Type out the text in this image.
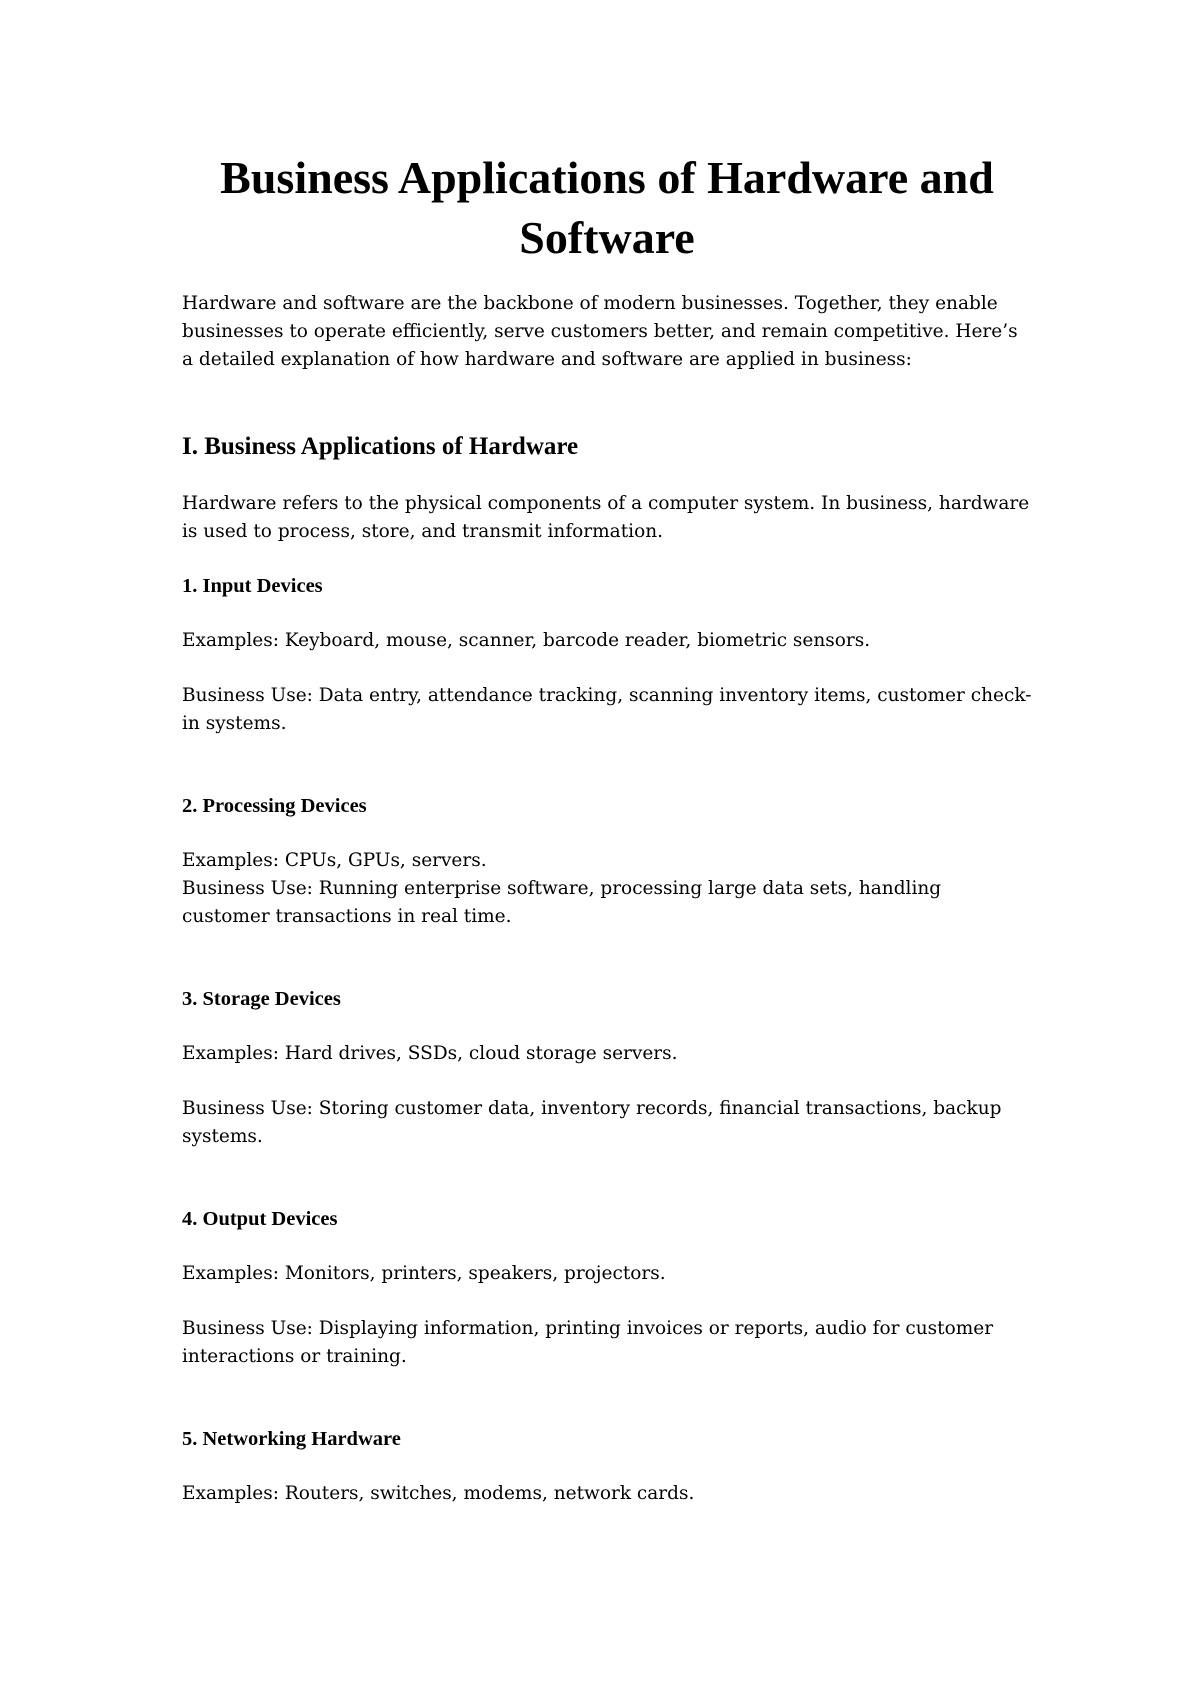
Business Applications of Hardware and Software

Hardware and software are the backbone of modern businesses. Together, they enable businesses to operate efficiently, serve customers better, and remain competitive. Here’s a detailed explanation of how hardware and software are applied in business:

I. Business Applications of Hardware

Hardware refers to the physical components of a computer system. In business, hardware is used to process, store, and transmit information.

1. Input Devices

Examples: Keyboard, mouse, scanner, barcode reader, biometric sensors.

Business Use: Data entry, attendance tracking, scanning inventory items, customer check-in systems.

2. Processing Devices

Examples: CPUs, GPUs, servers.

Business Use: Running enterprise software, processing large data sets, handling customer transactions in real time.

3. Storage Devices

Examples: Hard drives, SSDs, cloud storage servers.

Business Use: Storing customer data, inventory records, financial transactions, backup systems.

4. Output Devices

Examples: Monitors, printers, speakers, projectors.

Business Use: Displaying information, printing invoices or reports, audio for customer interactions or training.

5. Networking Hardware

Examples: Routers, switches, modems, network cards.
